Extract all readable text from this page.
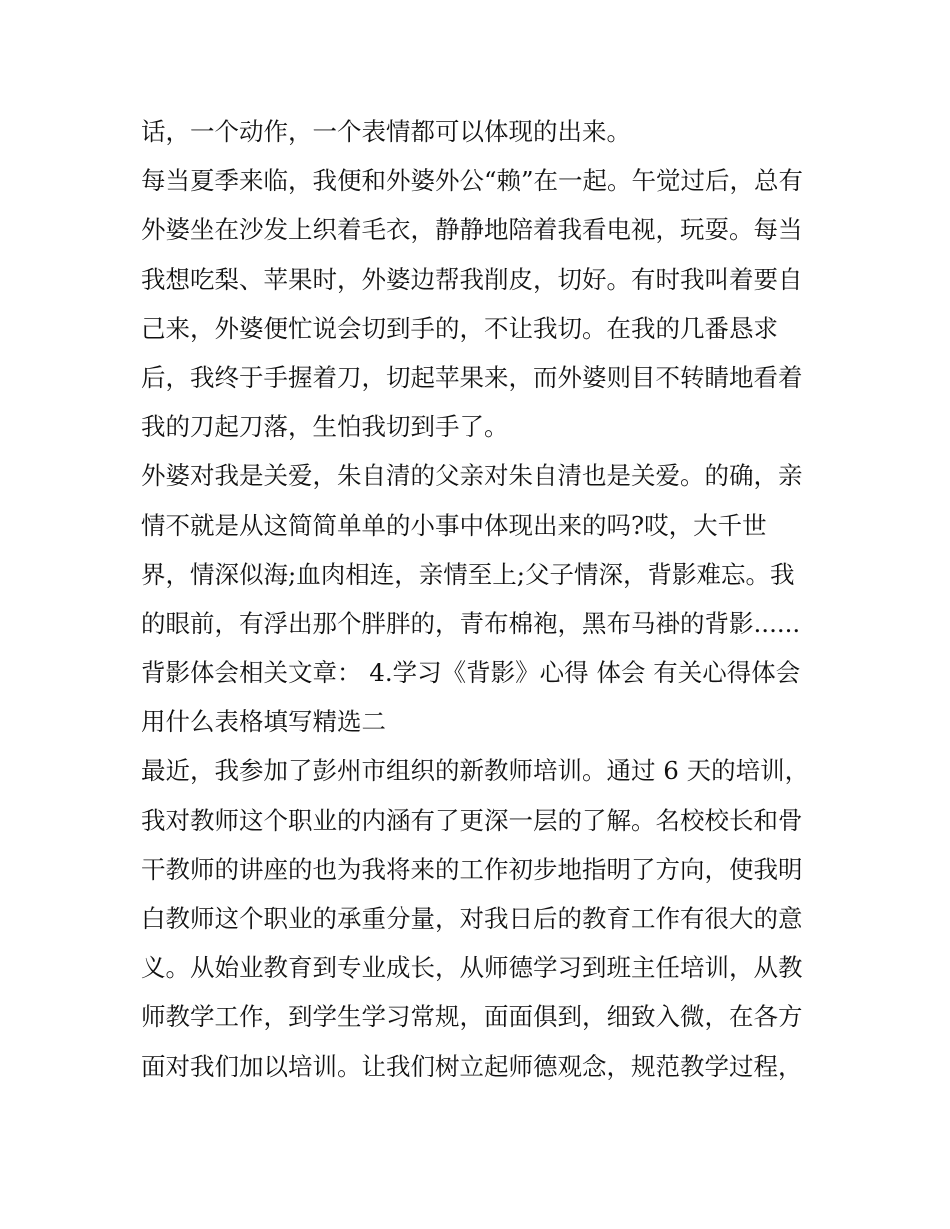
话，一个动作，一个表情都可以体现的出来。
每当夏季来临，我便和外婆外公“赖”在一起。午觉过后，总有
外婆坐在沙发上织着毛衣，静静地陪着我看电视，玩耍。每当
我想吃梨、苹果时，外婆边帮我削皮，切好。有时我叫着要自
己来，外婆便忙说会切到手的，不让我切。在我的几番恳求
后，我终于手握着刀，切起苹果来，而外婆则目不转睛地看着
我的刀起刀落，生怕我切到手了。
外婆对我是关爱，朱自清的父亲对朱自清也是关爱。的确，亲
情不就是从这简简单单的小事中体现出来的吗?哎，大千世
界，情深似海;血肉相连，亲情至上;父子情深，背影难忘。我
的眼前，有浮出那个胖胖的，青布棉袍，黑布马褂的背影......
背影体会相关文章： 4.学习《背影》心得 体会 有关心得体会
用什么表格填写精选二
最近，我参加了彭州市组织的新教师培训。通过 6 天的培训，
我对教师这个职业的内涵有了更深一层的了解。名校校长和骨
干教师的讲座的也为我将来的工作初步地指明了方向，使我明
白教师这个职业的承重分量，对我日后的教育工作有很大的意
义。从始业教育到专业成长，从师德学习到班主任培训，从教
师教学工作，到学生学习常规，面面俱到，细致入微，在各方
面对我们加以培训。让我们树立起师德观念，规范教学过程，
